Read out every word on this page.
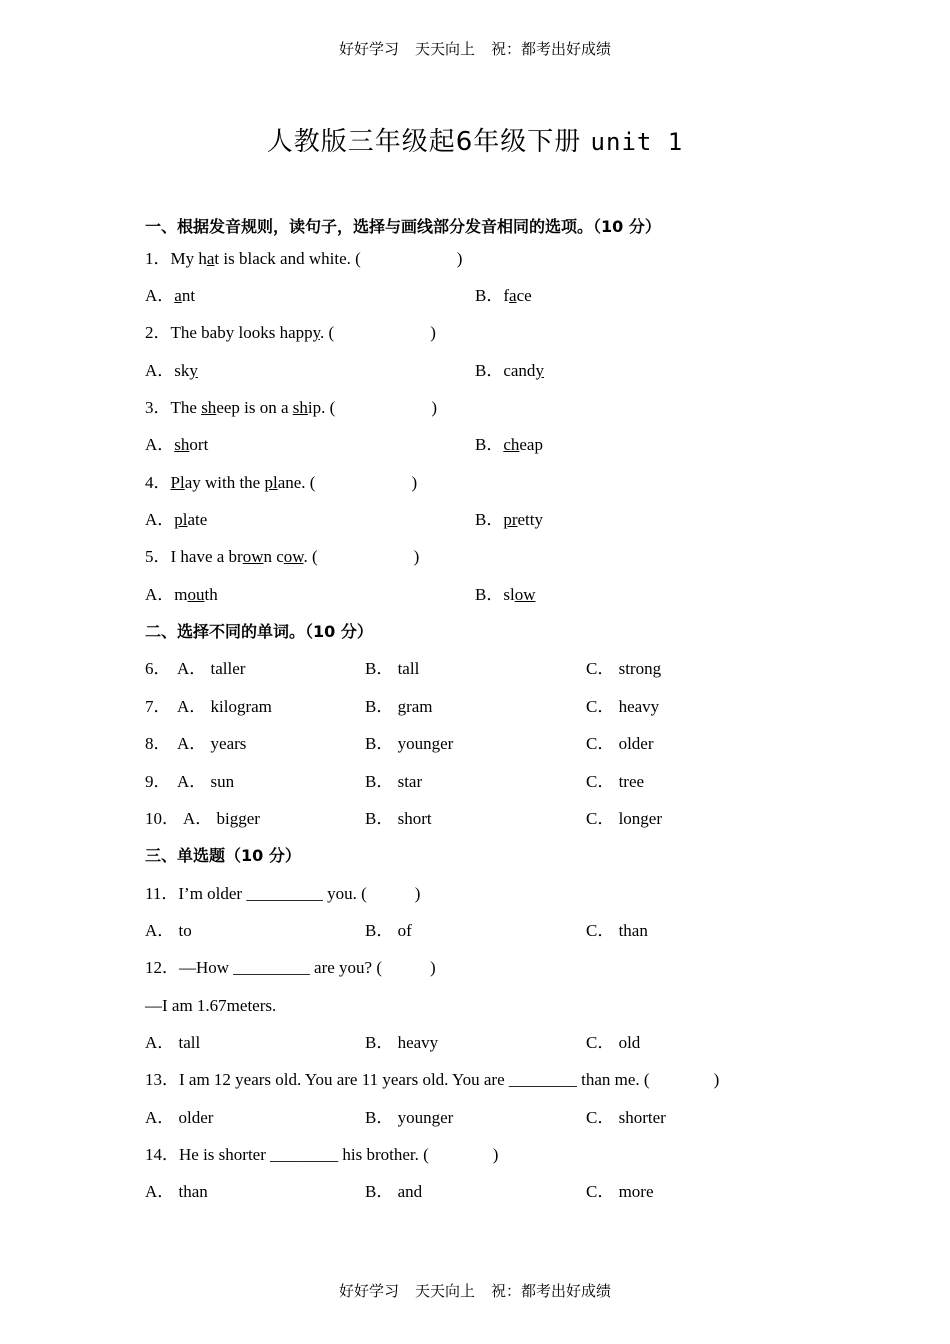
好好学习 天天向上 祝：都考出好成绩
人教版三年级起6年级下册 unit 1
一、根据发音规则，读句子，选择与画线部分发音相同的选项。（10 分）
1．My hat is black and white. (	)
A．ant	B．face
2．The baby looks happy. (	)
A．sky	B．candy
3．The sheep is on a ship. (	)
A．short	B．cheap
4．Play with the plane. (	)
A．plate	B．pretty
5．I have a brown cow. (	)
A．mouth	B．slow
二、选择不同的单词。（10 分）
6． A． taller	B． tall	C． strong
7． A． kilogram	B． gram	C． heavy
8． A． years	B． younger	C． older
9． A． sun	B． star	C． tree
10． A． bigger	B． short	C． longer
三、单选题（10 分）
11．I’m older _________ you. (	)
A． to	B． of	C． than
12．—How _________ are you? (	)
—I am 1.67meters.
A． tall	B． heavy	C． old
13．I am 12 years old. You are 11 years old. You are ________ than me. (	)
A． older	B． younger	C． shorter
14．He is shorter ________ his brother. (	)
A． than	B． and	C． more
好好学习 天天向上 祝：都考出好成绩
